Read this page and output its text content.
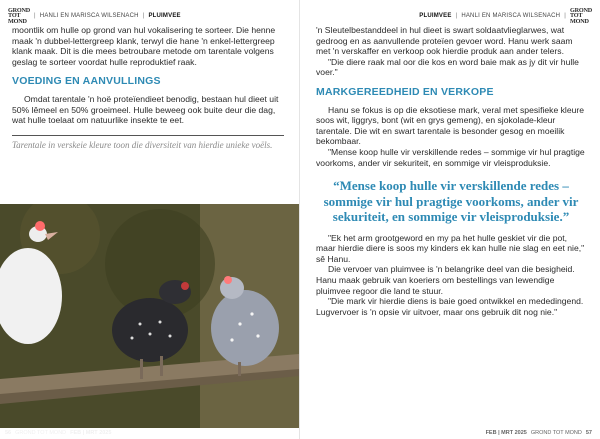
GROND
TOT
MOND
| HANLI EN MARISCA WILSENACH | PLUIMVEE

moontlik om hulle op grond van hul vokalisering te sorteer. Die henne maak 'n dubbel-lettergreep klank, terwyl die hane 'n enkel-lettergreep klank maak. Dit is die mees betroubare metode om tarentale volgens geslag te sorteer voordat hulle reproduktief raak.

VOEDING EN AANVULLINGS

Omdat tarentale 'n hoë proteïendieet benodig, bestaan hul dieet uit 50% lêmeel en 50% groeimeel. Hulle beweeg ook buite deur die dag, wat hulle toelaat om natuurlike insekte te eet.

Tarentale in verskeie kleure toon die diversiteit van hierdie unieke voëls.
56 GROND TOT MOND FEB | MRT 2025
PLUIMVEE | HANLI EN MARISCA WILSENACH |
GROND
TOT
MOND

'n Sleutelbestanddeel in hul dieet is swart soldaatvlieglarwes, wat gedroog en as aanvullende proteïen gevoer word. Hanu werk saam met 'n verskaffer en verkoop ook hierdie produk aan ander telers.

"Die diere raak mal oor die kos en word baie mak as jy dit vir hulle voer."

MARKGEREEDHEID EN VERKOPE

Hanu se fokus is op die eksotiese mark, veral met spesifieke kleure soos wit, liggrys, bont (wit en grys gemeng), en sjokolade-kleur tarentale. Die wit en swart tarentale is besonder gesog en moeilik bekombaar.

"Mense koop hulle vir verskillende redes – sommige vir hul pragtige voorkoms, ander vir sekuriteit, en sommige vir vleisproduksie.

“Mense koop hulle vir verskillende redes – sommige vir hul pragtige voorkoms, ander vir sekuriteit, en sommige vir vleisproduksie.”

"Ek het arm grootgeword en my pa het hulle geskiet vir die pot, maar hierdie diere is soos my kinders ek kan hulle nie slag en eet nie," sê Hanu.

Die vervoer van pluimvee is 'n belangrike deel van die besigheid. Hanu maak gebruik van koeriers om bestellings van lewendige pluimvee regoor die land te stuur.

"Die mark vir hierdie diens is baie goed ontwikkel en mededingend. Lugvervoer is 'n opsie vir uitvoer, maar ons gebruik dit nog nie."

FEB | MRT 2025 GROND TOT MOND 57
